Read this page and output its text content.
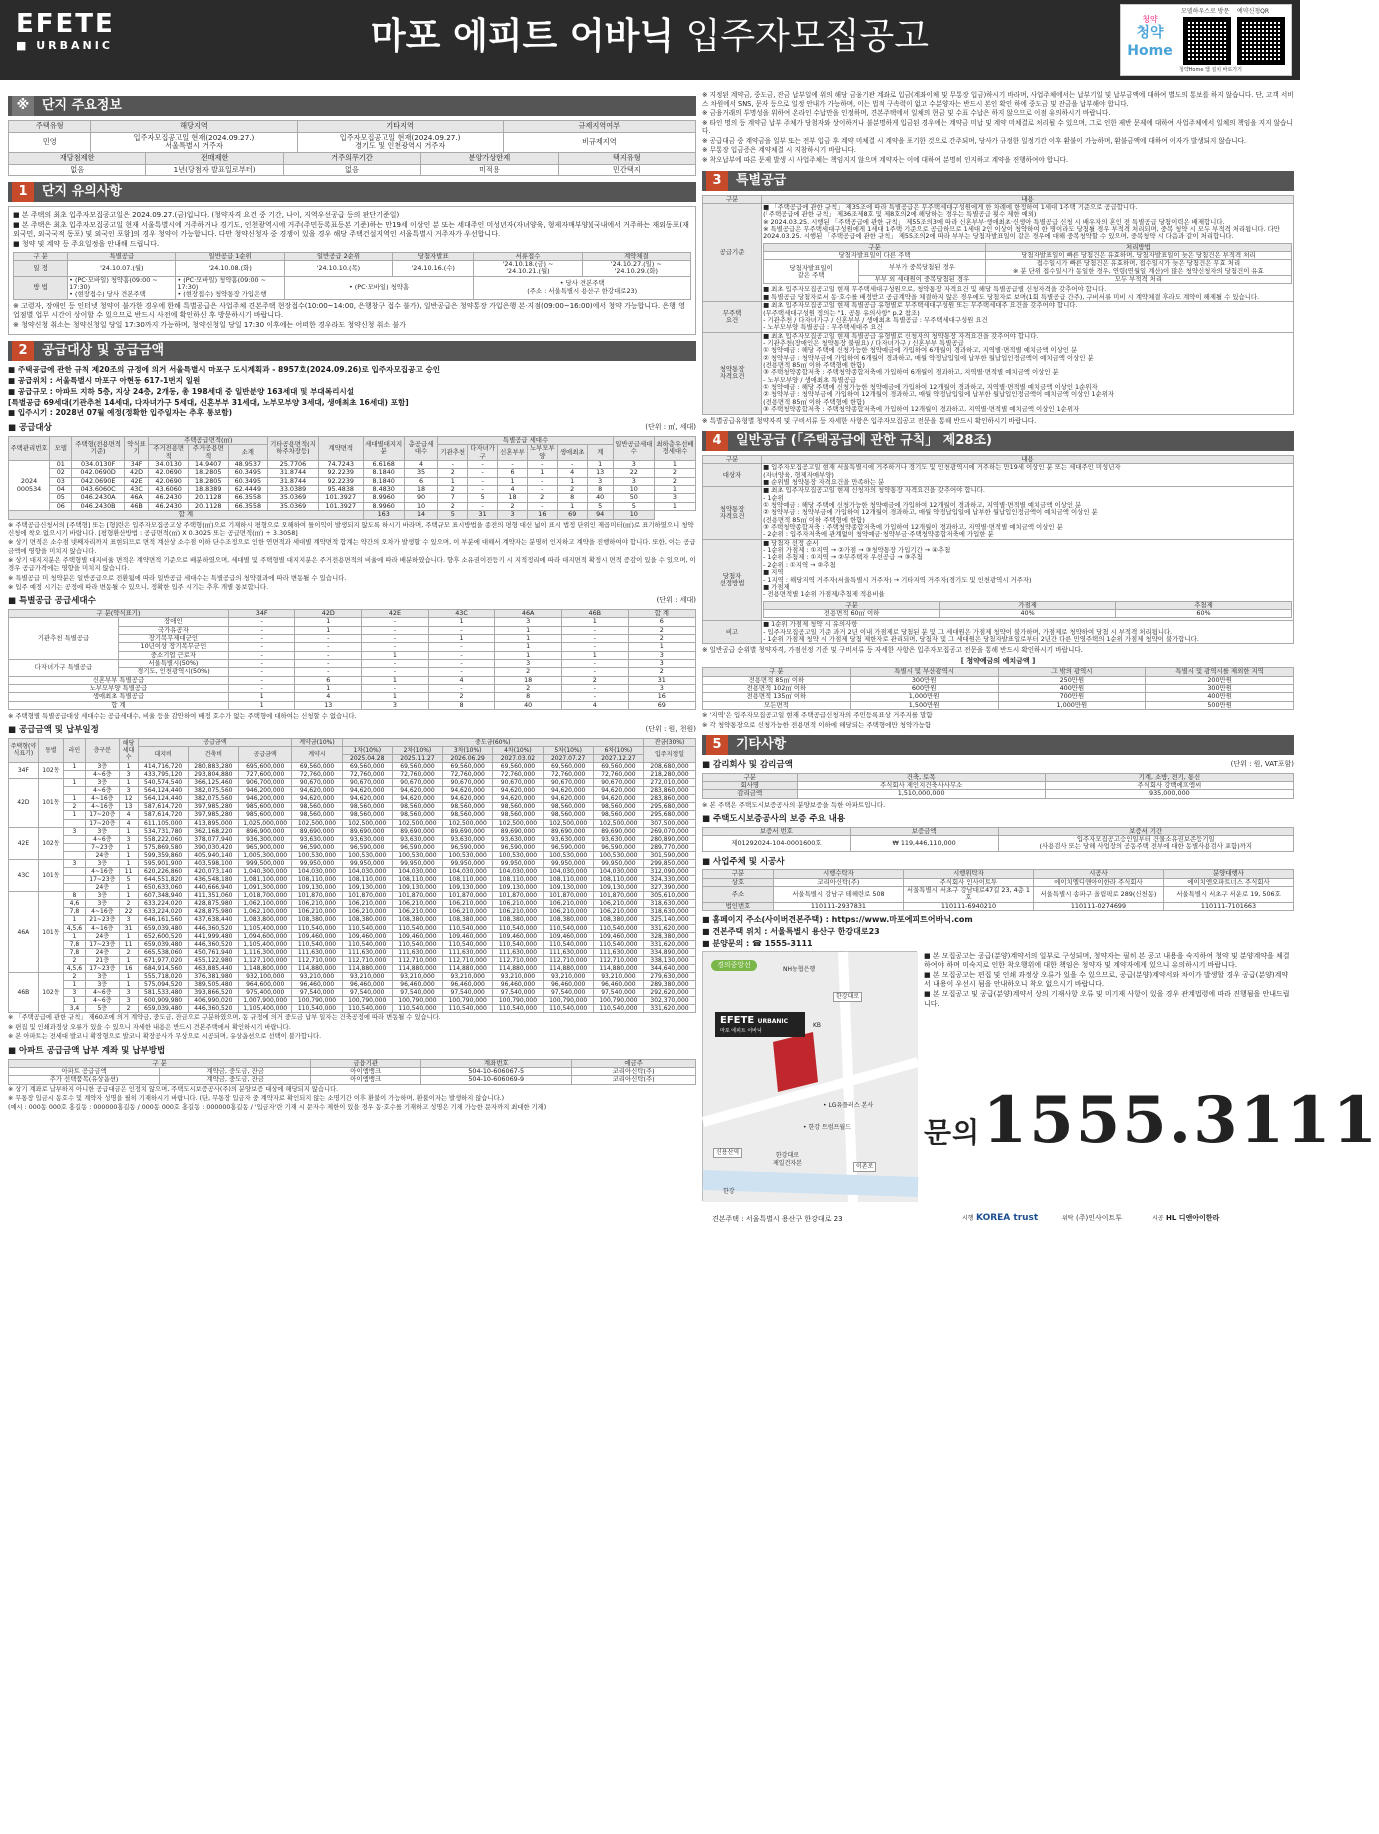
EFETE
■ URBANIC	마포 에피트 어바닉 입주자모집공고	청약
청약Home
모델하우스로 방문 예약신청QR
청약Home 앱 설치 바로가기
※ 단지 주요정보
주택유형	해당지역	기타지역	규제지역여부
민영	입주자모집공고일 현재(2024.09.27.)
서울특별시 거주자	입주자모집공고일 현재(2024.09.27.)
경기도 및 인천광역시 거주자	비규제지역
재당첨제한	전매제한	거주의무기간	분양가상한제	택지유형
없음	1년(당첨자 발표일로부터)	없음	미적용	민간택지
1 단지 유의사항
■ 본 주택의 최초 입주자모집공고일은 2024.09.27.(금)입니다. (청약자격 요건 중 기간, 나이, 지역우선공급 등의 판단기준일)
■ 본 주택은 최초 입주자모집공고일 현재 서울특별시에 거주하거나 경기도, 인천광역시에 거주(주민등록표등본 기준)하는 만19세 이상인 분 또는 세대주인 미성년자(자녀양육, 형제자매부양)[국내에서 거주하는 재외동포(재외국민, 외국국적 동포) 및 외국인 포함]의 경우 청약이 가능합니다. 다만 청약신청자 중 경쟁이 있을 경우 해당 주택건설지역인 서울특별시 거주자가 우선합니다.
■ 청약 및 계약 등 주요일정을 안내해 드립니다.
구 분	특별공급	일반공급 1순위	일반공급 2순위	당첨자발표	서류접수	계약체결
일 정	'24.10.07.(월)	'24.10.08.(화)	'24.10.10.(목)	'24.10.16.(수)	'24.10.18.(금) ~
'24.10.21.(월)	'24.10.27.(일) ~
'24.10.29.(화)
방 법	• (PC·모바일) 청약홈(09:00 ~ 17:30)
• (현장접수) 당사 견본주택	• (PC·모바일) 청약홈(09:00 ~ 17:30)
• (현장접수) 청약통장 가입은행	• (PC·모바일) 청약홈		• 당사 견본주택
(주소 : 서울특별시 용산구 한강대로23)	
※ 고령자, 장애인 등 인터넷 청약이 불가한 경우에 한해 특별공급은 사업주체 견본주택 현장접수(10:00~14:00, 은행창구 접수 불가), 일반공급은 청약통장 가입은행 본·지점(09:00~16:00)에서 청약 가능합니다. 은행 영업점별 업무 시간이 상이할 수 있으므로 반드시 사전에 확인하신 후 방문하시기 바랍니다.
※ 청약신청 취소는 청약신청일 당일 17:30까지 가능하며, 청약신청일 당일 17:30 이후에는 어떠한 경우라도 청약신청 취소 불가
2 공급대상 및 공급금액
■ 주택공급에 관한 규칙 제20조의 규정에 의거 서울특별시 마포구 도시계획과 - 8957호(2024.09.26)로 입주자모집공고 승인
■ 공급위치 : 서울특별시 마포구 아현동 617-1번지 일원
■ 공급규모 : 아파트 지하 5층, 지상 24층, 2개동, 총 198세대 중 일반분양 163세대 및 부대복리시설
[특별공급 69세대(기관추천 14세대, 다자녀가구 5세대, 신혼부부 31세대, 노부모부양 3세대, 생애최초 16세대) 포함]
■ 입주시기 : 2028년 07월 예정(정확한 입주일자는 추후 통보함)
■ 공급대상	(단위 : ㎡, 세대)
주택관리번호	모델	주택형(전용면적기준)	약식표기	주택공급면적(㎡)			기타공용면적(지하주차장등)	계약면적	세대별대지지분	총공급세대수	특별공급 세대수						일반공급세대수	최하층우선배정세대수
				주거전용면적	주거공용면적	소계					기관추천	다자녀가구	신혼부부	노부모부양	생애최초	계		
2024
000534	01	034.0130F	34F	34.0130	14.9407	48.9537	25.7706	74.7243	6.6168	4	-	-	-	-	-	1	3	1
	02	042.0690D	42D	42.0690	18.2805	60.3495	31.8744	92.2239	8.1840	35	2	-	6	1	4	13	22	2
	03	042.0690E	42E	42.0690	18.2805	60.3495	31.8744	92.2239	8.1840	6	1	-	1	-	1	3	3	2
	04	043.6060C	43C	43.6060	18.8389	62.4449	33.0389	95.4838	8.4830	18	2	-	4	-	2	8	10	1
	05	046.2430A	46A	46.2430	20.1128	66.3558	35.0369	101.3927	8.9960	90	7	5	18	2	8	40	50	3
	06	046.2430B	46B	46.2430	20.1128	66.3558	35.0369	101.3927	8.9960	10	2	-	2	-	1	5	5	1
합 계									163	14	5	31	3	16	69	94	10	
※ 주택공급신청서의 [주택형] 또는 [형]란은 입주자모집공고상 주택형(㎡)으로 기재하시 평형으로 오해하여 틀이익이 발생되지 않도록 하시기 바라며, 주택규모 표시방법을 종전의 평형 대신 넓이 표시 법정 단위인 제곱미터(㎡)로 표기하였으니 청약 신청에 착오 없으시기 바랍니다. [평형환산방법 : 공급면적(㎡) X 0.3025 또는 공급면적(㎡) ÷ 3.3058]
※ 상기 면적은 소수점 넷째자리까지 표현되므로 면적 계산상 소수점 이하 단수조정으로 인한 연면적과 세대별 계약면적 합계는 약간의 오차가 발생할 수 있으며, 이 부분에 대해서 계약자는 분명히 인지하고 계약을 진행하여야 합니다. 또한, 이는 공급금액에 영향을 미치지 않습니다.
※ 상기 대지지분은 주택형별 대지비율 면적은 계약면적 기준으로 배분하였으며, 세대별 및 주택형별 대지지분은 주거전용면적의 비율에 따라 배분하였습니다. 향후 소유권이전등기 시 지적정리에 따라 대지면적 확정시 면적 증감이 있을 수 있으며, 이 경우 공급가격에는 영향을 미치지 않습니다.
※ 특별공급 미 청약분은 일반공급으로 전환됨에 따라 일반공급 세대수는 특별공급의 청약결과에 따라 변동될 수 있습니다.
※ 입주 예정 시기는 공정에 따라 변동될 수 있으니, 정확한 입주 시기는 추후 개별 통보합니다.
■ 특별공급 공급세대수	(단위 : 세대)
구 분(약식표기)		34F	42D	42E	43C	46A	46B	합 계
기관추천 특별공급	장애인	-	1	-	1	3	1	6
	국가유공자	-	1	-	-	1	-	2
	장기복무제대군인	-	-	-	1	1	-	2
	10년이상 장기복무군인	-	-	-	-	1	-	1
	중소기업 근로자	-	-	1	-	1	1	3
다자녀가구 특별공급	서울특별시(50%)	-	-	-	-	3	-	3
	경기도, 인천광역시(50%)	-	-	-	-	2	-	2
신혼부부 특별공급		-	6	1	4	18	2	31
노부모부양 특별공급		-	1	-	-	2	-	3
생애최초 특별공급		1	4	1	2	8	-	16
합 계		1	13	3	8	40	4	69
※ 주택형별 특별공급대상 세대수는 공급세대수, 비율 등을 감안하여 배정 호수가 없는 주택형에 대하여는 신청할 수 없습니다.
■ 공급금액 및 납부일정	(단위 : 원, 천원)
주택형(약식표기)	동별	라인	층구분	해당세대수	공급금액			계약금(10%)	중도금(60%)						잔금(30%)
					대지비	건축비	공급금액	계약시	1차(10%)	2차(10%)	3차(10%)	4차(10%)	5차(10%)	6차(10%)	입주지정일
									2025.04.28	2025.11.27	2026.06.29	2027.03.02	2027.07.27	2027.12.27	
34F	102동	1	3층	1	414,716,720	280,883,280	695,600,000	69,560,000	69,560,000	69,560,000	69,560,000	69,560,000	69,560,000	69,560,000	208,680,000
			4~6층	3	433,795,120	293,804,880	727,600,000	72,760,000	72,760,000	72,760,000	72,760,000	72,760,000	72,760,000	72,760,000	218,280,000
42D	101동	1	3층	1	540,574,540	366,125,460	906,700,000	90,670,000	90,670,000	90,670,000	90,670,000	90,670,000	90,670,000	90,670,000	272,010,000
			4~6층	3	564,124,440	382,075,560	946,200,000	94,620,000	94,620,000	94,620,000	94,620,000	94,620,000	94,620,000	94,620,000	283,860,000
		1	4~16층	12	564,124,440	382,075,560	946,200,000	94,620,000	94,620,000	94,620,000	94,620,000	94,620,000	94,620,000	94,620,000	283,860,000
		2	4~16층	13	587,614,720	397,985,280	985,600,000	98,560,000	98,560,000	98,560,000	98,560,000	98,560,000	98,560,000	98,560,000	295,680,000
		1	17~20층	4	587,614,720	397,985,280	985,600,000	98,560,000	98,560,000	98,560,000	98,560,000	98,560,000	98,560,000	98,560,000	295,680,000
			17~20층	4	611,105,000	413,895,000	1,025,000,000	102,500,000	102,500,000	102,500,000	102,500,000	102,500,000	102,500,000	102,500,000	307,500,000
42E	102동	3	3층	1	534,731,780	362,168,220	896,900,000	89,690,000	89,690,000	89,690,000	89,690,000	89,690,000	89,690,000	89,690,000	269,070,000
			4~6층	3	558,222,060	378,077,940	936,300,000	93,630,000	93,630,000	93,630,000	93,630,000	93,630,000	93,630,000	93,630,000	280,890,000
			7~23층	1	575,869,580	390,030,420	965,900,000	96,590,000	96,590,000	96,590,000	96,590,000	96,590,000	96,590,000	96,590,000	289,770,000
			24층	1	599,359,860	405,940,140	1,005,300,000	100,530,000	100,530,000	100,530,000	100,530,000	100,530,000	100,530,000	100,530,000	301,590,000
43C	101동	3	3층	1	595,901,900	403,598,100	999,500,000	99,950,000	99,950,000	99,950,000	99,950,000	99,950,000	99,950,000	99,950,000	299,850,000
			4~16층	11	620,226,860	420,073,140	1,040,300,000	104,030,000	104,030,000	104,030,000	104,030,000	104,030,000	104,030,000	104,030,000	312,090,000
			17~23층	5	644,551,820	436,548,180	1,081,100,000	108,110,000	108,110,000	108,110,000	108,110,000	108,110,000	108,110,000	108,110,000	324,330,000
			24층	1	650,633,060	440,666,940	1,091,300,000	109,130,000	109,130,000	109,130,000	109,130,000	109,130,000	109,130,000	109,130,000	327,390,000
46A	101동	8	3층	1	607,348,940	411,351,060	1,018,700,000	101,870,000	101,870,000	101,870,000	101,870,000	101,870,000	101,870,000	101,870,000	305,610,000
		4,6	3층	2	633,224,020	428,875,980	1,062,100,000	106,210,000	106,210,000	106,210,000	106,210,000	106,210,000	106,210,000	106,210,000	318,630,000
		7,8	4~16층	22	633,224,020	428,875,980	1,062,100,000	106,210,000	106,210,000	106,210,000	106,210,000	106,210,000	106,210,000	106,210,000	318,630,000
		1	21~23층	3	646,161,560	437,638,440	1,083,800,000	108,380,000	108,380,000	108,380,000	108,380,000	108,380,000	108,380,000	108,380,000	325,140,000
		4,5,6	4~16층	31	659,039,480	446,360,520	1,105,400,000	110,540,000	110,540,000	110,540,000	110,540,000	110,540,000	110,540,000	110,540,000	331,620,000
		1	24층	1	652,600,520	441,999,480	1,094,600,000	109,460,000	109,460,000	109,460,000	109,460,000	109,460,000	109,460,000	109,460,000	328,380,000
		7,8	17~23층	11	659,039,480	446,360,520	1,105,400,000	110,540,000	110,540,000	110,540,000	110,540,000	110,540,000	110,540,000	110,540,000	331,620,000
		7,8	24층	2	665,538,060	450,761,940	1,116,300,000	111,630,000	111,630,000	111,630,000	111,630,000	111,630,000	111,630,000	111,630,000	334,890,000
		2	21층	1	671,977,020	455,122,980	1,127,100,000	112,710,000	112,710,000	112,710,000	112,710,000	112,710,000	112,710,000	112,710,000	338,130,000
		4,5,6	17~23층	16	684,914,560	463,885,440	1,148,800,000	114,880,000	114,880,000	114,880,000	114,880,000	114,880,000	114,880,000	114,880,000	344,640,000
46B	102동	2	3층	1	555,718,020	376,381,980	932,100,000	93,210,000	93,210,000	93,210,000	93,210,000	93,210,000	93,210,000	93,210,000	279,630,000
		1	3층	1	575,094,520	389,505,480	964,600,000	96,460,000	96,460,000	96,460,000	96,460,000	96,460,000	96,460,000	96,460,000	289,380,000
		3	4~6층	3	581,533,480	393,866,520	975,400,000	97,540,000	97,540,000	97,540,000	97,540,000	97,540,000	97,540,000	97,540,000	292,620,000
		1	4~6층	3	600,909,980	406,990,020	1,007,900,000	100,790,000	100,790,000	100,790,000	100,790,000	100,790,000	100,790,000	100,790,000	302,370,000
		3,4	5층	2	659,039,480	446,360,520	1,105,400,000	110,540,000	110,540,000	110,540,000	110,540,000	110,540,000	110,540,000	110,540,000	331,620,000
※ 「주택공급에 관한 규칙」 제60조에 의거 계약금, 중도금, 잔금으로 구분하였으며, 동 규정에 의거 중도금 납부 일자는 건축공정에 따라 변동될 수 있습니다.
※ 편집 및 인쇄과정상 오류가 있을 수 있으니 자세한 내용은 반드시 견본주택에서 확인하시기 바랍니다.
※ 본 아파트는 전세대 발코니 확장형으로 발코니 확장공사가 무상으로 시공되며, 유상옵션으로 선택이 불가합니다.
■ 아파트 공급금액 납부 계좌 및 납부방법
구 분		금융기관	계좌번호	예금주
아파트 공급금액	계약금, 중도금, 잔금	아이엠뱅크	504-10-606067-5	코리아신탁(주)
추가 선택품목(유상옵션)	계약금, 중도금, 잔금	아이엠뱅크	504-10-606069-9	코리아신탁(주)
※ 상기 계좌로 납부하지 아니한 공급대금은 인정치 않으며, 주택도시보증공사(주)의 분양보증 대상에 해당되지 않습니다.
※ 무통장 입금시 동호수 및 계약자 성명을 필히 기재하시기 바랍니다. (단, 무통장 입금자 중 계약자로 확인되지 않는 소명기간 이후 환불이 가능하며, 환불이자는 발생하지 않습니다.)
(예시 : 000동 000호 홍길동 : 000000홍길동 / 000동 000호 홍길동 : 000000홍길동 / '입금자'란 기재 시 문자수 제한이 있을 경우 동·호수를 기재하고 성명은 기재 가능한 문자까지 최대한 기재)
※ 지정된 계약금, 중도금, 잔금 납부일에 위의 해당 금융기관 계좌로 입금(계좌이체 및 무통장 입금)하시기 바라며, 사업주체에서는 납부기일 및 납부금액에 대하여 별도의 통보를 하지 않습니다. 단, 고객 서비스 차원에서 SNS, 문자 등으로 일정 안내가 가능하며, 이는 법적 구속력이 없고 수분양자는 반드시 본인 확인 하에 중도금 및 잔금을 납부해야 합니다.
※ 금융거래의 투명성을 위하여 온라인 수납만을 인정하며, 견본주택에서 일체의 현금 및 수표 수납은 하지 않으므로 이점 유의하시기 바랍니다.
※ 타인 명의 등 계약금 납부 주체가 당첨자와 상이하거나 불분명하게 입금된 경우에는 계약금 미납 및 계약 미체결로 처리될 수 있으며, 그로 인한 제반 문제에 대하여 사업주체에서 일체의 책임을 지지 않습니다.
※ 공급대금 중 계약금을 일부 또는 전부 입금 후 계약 미체결 시 계약을 포기한 것으로 간주되며, 당사가 규정한 일정기간 이후 환불이 가능하며, 환불금액에 대하여 이자가 발생되지 않습니다.
※ 무통장 입금증은 계약체결 시 지참하시기 바랍니다.
※ 착오납부에 따른 문제 발생 시 사업주체는 책임지지 않으며 계약자는 이에 대하여 분명히 인지하고 계약을 진행하여야 합니다.
3 특별공급
구분	내용
공급기준	
■ 「주택공급에 관한 규칙」 제35조에 따라 특별공급은 무주택세대구성원에게 한 차례에 한정하여 1세대 1주택 기준으로 공급합니다.
(「주택공급에 관한 규칙」 제36조제8호 및 제8호의2에 해당하는 경우는 특별공급 횟수 제한 예외)
※ 2024.03.25. 시행된 「주택공급에 관한 규칙」 제55조의3에 따라 신혼부부·생애최초·신생아 특별공급 신청 시 배우자의 혼인 전 특별공급 당첨이력은 배제합니다.
※ 특별공급은 무주택세대구성원에게 1세대 1주택 기준으로 공급하므로 1세대 2인 이상이 청약하여 한 명이라도 당첨될 경우 부적격 처리되며, 중복 청약 시 모두 부적격 처리됩니다. 다만 2024.03.25. 시행된 「주택공급에 관한 규칙」 제55조의2에 따라 부부는 당첨자발표일이 같은 경우에 대해 중복청약할 수 있으며, 중복청약 시 다음과 같이 처리합니다.
구분	처리방법
당첨자발표일이 다른 주택	당첨자발표일이 빠른 당첨건은 유효하며, 당첨자발표일이 늦은 당첨건은 부적격 처리
당첨자발표일이
같은 주택	부부가 중복당첨된 경우	접수일시가 빠른 당첨건은 유효하며, 접수일시가 늦은 당첨건은 무효 처리
※ 분 단위 접수일시가 동일한 경우, 연령(연월일 계산)이 많은 청약신청자의 당첨건이 유효
부부 외 세대원이 중복당첨된 경우	모두 부적격 처리
■ 최초 입주자모집공고일 현재 무주택세대구성원으로, 청약통장 자격요건 및 해당 특별공급별 신청자격을 갖추어야 합니다.
■ 특별공급 당첨자로서 동·호수를 배정받고 공급계약을 체결하지 않은 경우에도 당첨자로 보며(1회 특별공급 간주), 구비서류 미비 시 계약체결 후라도 계약이 해제될 수 있습니다.

무주택
요건	
■ 최초 입주자모집공고일 현재 특별공급 유형별로 무주택세대구성원 또는 무주택세대주 요건을 갖추어야 합니다.
(무주택세대구성원 정의는 "1. 공통 유의사항" p.2 참조)
- 기관추천 / 다자녀가구 / 신혼부부 / 생애최초 특별공급 : 무주택세대구성원 요건
- 노부모부양 특별공급 : 무주택세대주 요건

청약통장
자격요건	
■ 최초 입주자모집공고일 현재 특별공급 유형별로 신청자의 청약통장 자격요건을 갖추어야 합니다.
- 기관추천(장애인은 청약통장 불필요) / 다자녀가구 / 신혼부부 특별공급
① 청약예금 : 해당 주택에 신청가능한 청약예금에 가입하여 6개월이 경과하고, 지역별·면적별 예치금액 이상인 분
② 청약부금 : 청약부금에 가입하여 6개월이 경과하고, 매월 약정납입일에 납부한 월납입인정금액이 예치금액 이상인 분
(전용면적 85㎡ 이하 주택형에 한함)
③ 주택청약종합저축 : 주택청약종합저축에 가입하여 6개월이 경과하고, 지역별·면적별 예치금액 이상인 분
- 노부모부양 / 생애최초 특별공급
① 청약예금 : 해당 주택에 신청가능한 청약예금에 가입하여 12개월이 경과하고, 지역별·면적별 예치금액 이상인 1순위자
② 청약부금 : 청약부금에 가입하여 12개월이 경과하고, 매월 약정납입일에 납부한 월납입인정금액이 예치금액 이상인 1순위자
(전용면적 85㎡ 이하 주택형에 한함)
③ 주택청약종합저축 : 주택청약종합저축에 가입하여 12개월이 경과하고, 지역별·면적별 예치금액 이상인 1순위자
※ 특별공급유형별 청약자격 및 구비서류 등 자세한 사항은 입주자모집공고 전문을 통해 반드시 확인하시기 바랍니다.
4 일반공급 (「주택공급에 관한 규칙」 제28조)
구분	내용
대상자	
■ 입주자모집공고일 현재 서울특별시에 거주하거나 경기도 및 인천광역시에 거주하는 만19세 이상인 분 또는 세대주인 미성년자
(자녀양육, 형제자매부양)
■ 순위별 청약통장 자격요건을 만족하는 분

청약통장
자격요건	
■ 최초 입주자모집공고일 현재 신청자의 청약통장 자격요건을 갖추어야 합니다.
- 1순위
① 청약예금 : 해당 주택에 신청가능한 청약예금에 가입하여 12개월이 경과하고, 지역별·면적별 예치금액 이상인 분
② 청약부금 : 청약부금에 가입하여 12개월이 경과하고, 매월 약정납입일에 납부한 월납입인정금액이 예치금액 이상인 분
(전용면적 85㎡ 이하 주택형에 한함)
③ 주택청약종합저축 : 주택청약종합저축에 가입하여 12개월이 경과하고, 지역별·면적별 예치금액 이상인 분
- 2순위 : 입주자저축에 관계없이 청약예금·청약부금·주택청약종합저축에 가입한 분

당첨자
선정방법	
■ 당첨자 선정 순서
- 1순위 가점제 : ①지역 → ②가점 → ③청약통장 가입기간 → ④추첨
- 1순위 추첨제 : ①지역 → ②무주택자 우선공급 → ③추첨
- 2순위 : ①지역 → ②추첨
■ 지역
- 1지역 : 해당지역 거주자(서울특별시 거주자) → 기타지역 거주자(경기도 및 인천광역시 거주자)
■ 가점제
- 전용면적별 1순위 가점제/추첨제 적용비율
구분	가점제	추첨제
전용면적 60㎡ 이하	40%	60%

비고	
■ 1순위 가점제 청약 시 유의사항
- 입주자모집공고일 기준 과거 2년 이내 가점제로 당첨된 분 및 그 세대원은 가점제 청약이 불가하며, 가점제로 청약하여 당첨 시 부적격 처리됩니다.
- 1순위 가점제 청약 시 가점제 당첨 제한자로 관리되며, 당첨자 및 그 세대원은 당첨자발표일로부터 2년간 다른 민영주택의 1순위 가점제 청약이 불가합니다.
※ 일반공급 순위별 청약자격, 가점선정 기준 및 구비서류 등 자세한 사항은 입주자모집공고 전문을 통해 반드시 확인하시기 바랍니다.
[ 청약예금의 예치금액 ]
구 분	특별시 및 부산광역시	그 밖의 광역시	특별시 및 광역시를 제외한 지역
전용면적 85㎡ 이하	300만원	250만원	200만원
전용면적 102㎡ 이하	600만원	400만원	300만원
전용면적 135㎡ 이하	1,000만원	700만원	400만원
모든면적	1,500만원	1,000만원	500만원
※ '지역'은 입주자모집공고일 현재 주택공급신청자의 주민등록표상 거주지를 말함
※ 각 청약통장으로 신청가능한 전용면적 이하에 해당되는 주택형에만 청약가능함
5 기타사항
■ 감리회사 및 감리금액	(단위 : 원, VAT포함)
구분	건축, 토목	기계, 소방, 전기, 통신
회사명	주식회사 제인지건축사사무소	주식회사 강백에프엠씨
감리금액	1,510,000,000	935,000,000
※ 본 주택은 주택도시보증공사의 분양보증을 득한 아파트입니다.
■ 주택도시보증공사의 보증 주요 내용
보증서 번호	보증금액	보증서 기간
제01292024-104-0001600호	₩ 119,446,110,000	입주자모집공고승인일부터 건물소유권보존등기일
(사용검사 또는 당해 사업장의 공동주택 전부에 대한 동별사용검사 포함)까지
■ 사업주체 및 시공사
구분	시행수탁자	시행위탁자	시공사	분양대행사
상호	코리아신탁(주)	주식회사 인사이트투	에이치엘디앤아이한라 주식회사	에이치엔오파트너스 주식회사
주소	서울특별시 강남구 테헤란로 508	서울특별시 서초구 강남대로47길 23, 4층 1호	서울특별시 송파구 올림픽로 289(신천동)	서울특별시 서초구 서운로 19, 506호
법인번호	110111-2937831	110111-6940210	110111-0274699	110111-7101663
■ 홈페이지 주소(사이버견본주택) : https://www.마포에피트어바닉.com
■ 견본주택 위치 : 서울특별시 용산구 한강대로23
■ 분양문의 : ☎ 1555-3111
경의중앙선
EFETE URBANIC
마포 에피트 어바닉
NH농협은행
한강대로
KB
• LG유플러스 본사
• 한강 트럼프월드
한강대로
제일건자본
신용산역
이촌로
한강
■ 본 모집공고는 공급(분양)계약서의 일부로 구성되며, 청약자는 필히 본 공고 내용을 숙지하여 청약 및 분양계약을 체결하여야 하며 미숙지로 인한 착오행위에 대한 책임은 청약자 및 계약자에게 있으니 유의하시기 바랍니다.
■ 본 모집공고는 편집 및 인쇄 과정상 오류가 있을 수 있으므로, 공급(분양)계약서와 차이가 발생할 경우 공급(분양)계약서 내용이 우선시 됨을 안내하오니 착오 없으시기 바랍니다.
■ 본 모집공고 및 공급(분양)계약서 상의 기재사항 오류 및 미기재 사항이 있을 경우 관계법령에 따라 진행됨을 안내드립니다.
문의 1555.3111
견본주택 : 서울특별시 용산구 한강대로 23	시행 KOREA trust	위탁 (주)인사이트투	시공 HL 디앤아이한라
